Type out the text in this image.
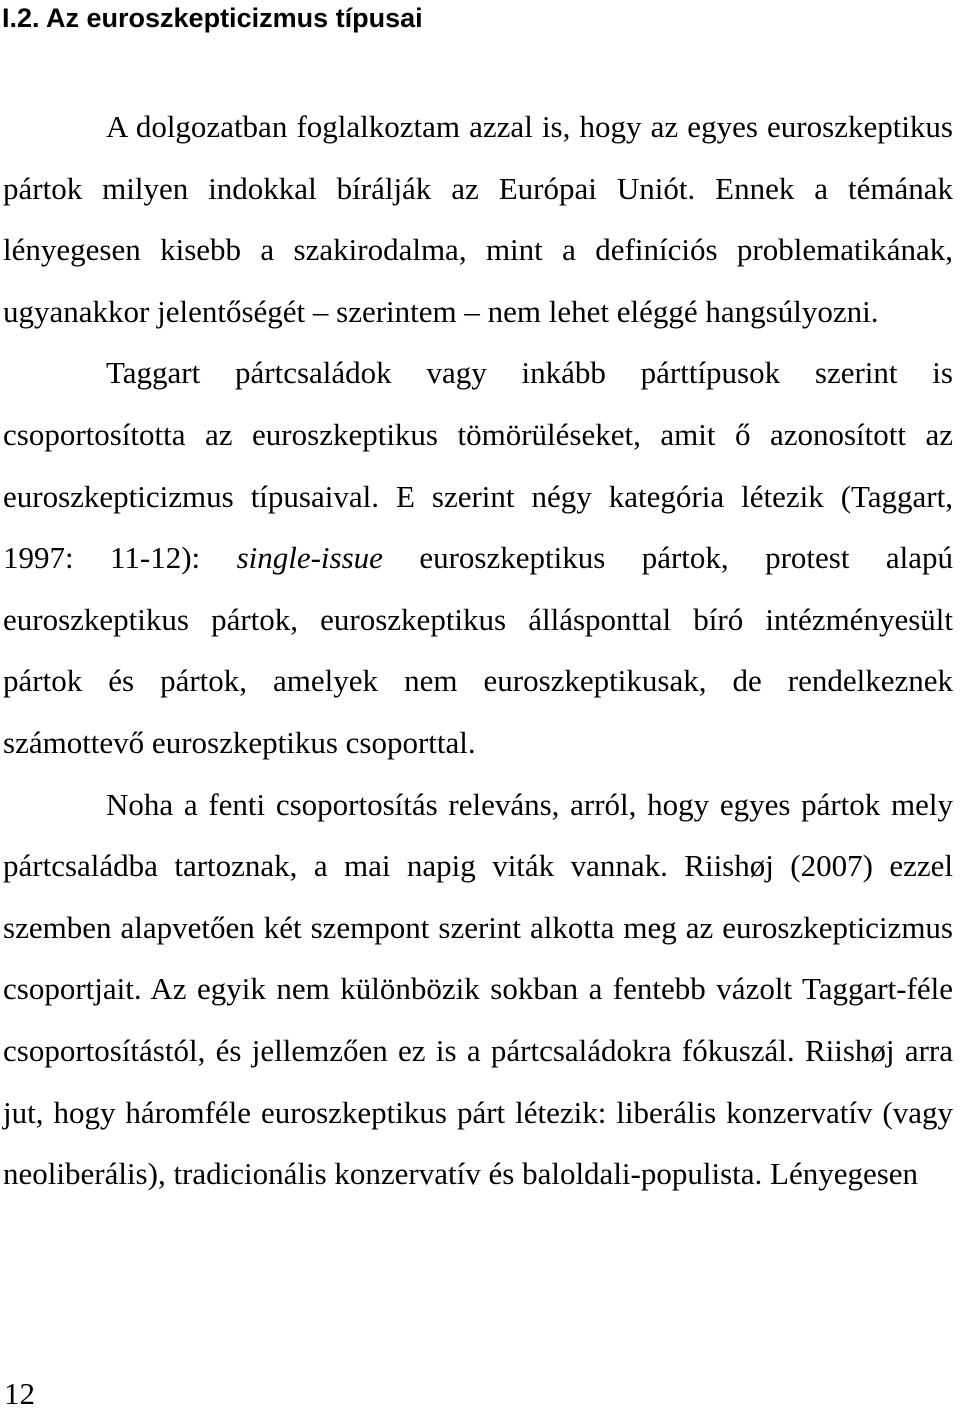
I.2. Az euroszkepticizmus típusai

A dolgozatban foglalkoztam azzal is, hogy az egyes euroszkeptikus pártok milyen indokkal bírálják az Európai Uniót. Ennek a témának lényegesen kisebb a szakirodalma, mint a definíciós problematikának, ugyanakkor jelentőségét – szerintem – nem lehet eléggé hangsúlyozni.

Taggart pártcsaládok vagy inkább párttípusok szerint is csoportosította az euroszkeptikus tömörüléseket, amit ő azonosított az euroszkepticizmus típusaival. E szerint négy kategória létezik (Taggart, 1997: 11-12): single-issue euroszkeptikus pártok, protest alapú euroszkeptikus pártok, euroszkeptikus állásponttal bíró intézményesült pártok és pártok, amelyek nem euroszkeptikusak, de rendelkeznek számottevő euroszkeptikus csoporttal.

Noha a fenti csoportosítás releváns, arról, hogy egyes pártok mely pártcsaládba tartoznak, a mai napig viták vannak. Riishøj (2007) ezzel szemben alapvetően két szempont szerint alkotta meg az euroszkepticizmus csoportjait. Az egyik nem különbözik sokban a fentebb vázolt Taggart-féle csoportosítástól, és jellemzően ez is a pártcsaládokra fókuszál. Riishøj arra jut, hogy háromféle euroszkeptikus párt létezik: liberális konzervatív (vagy neoliberális), tradicionális konzervatív és baloldali-populista. Lényegesen

12
